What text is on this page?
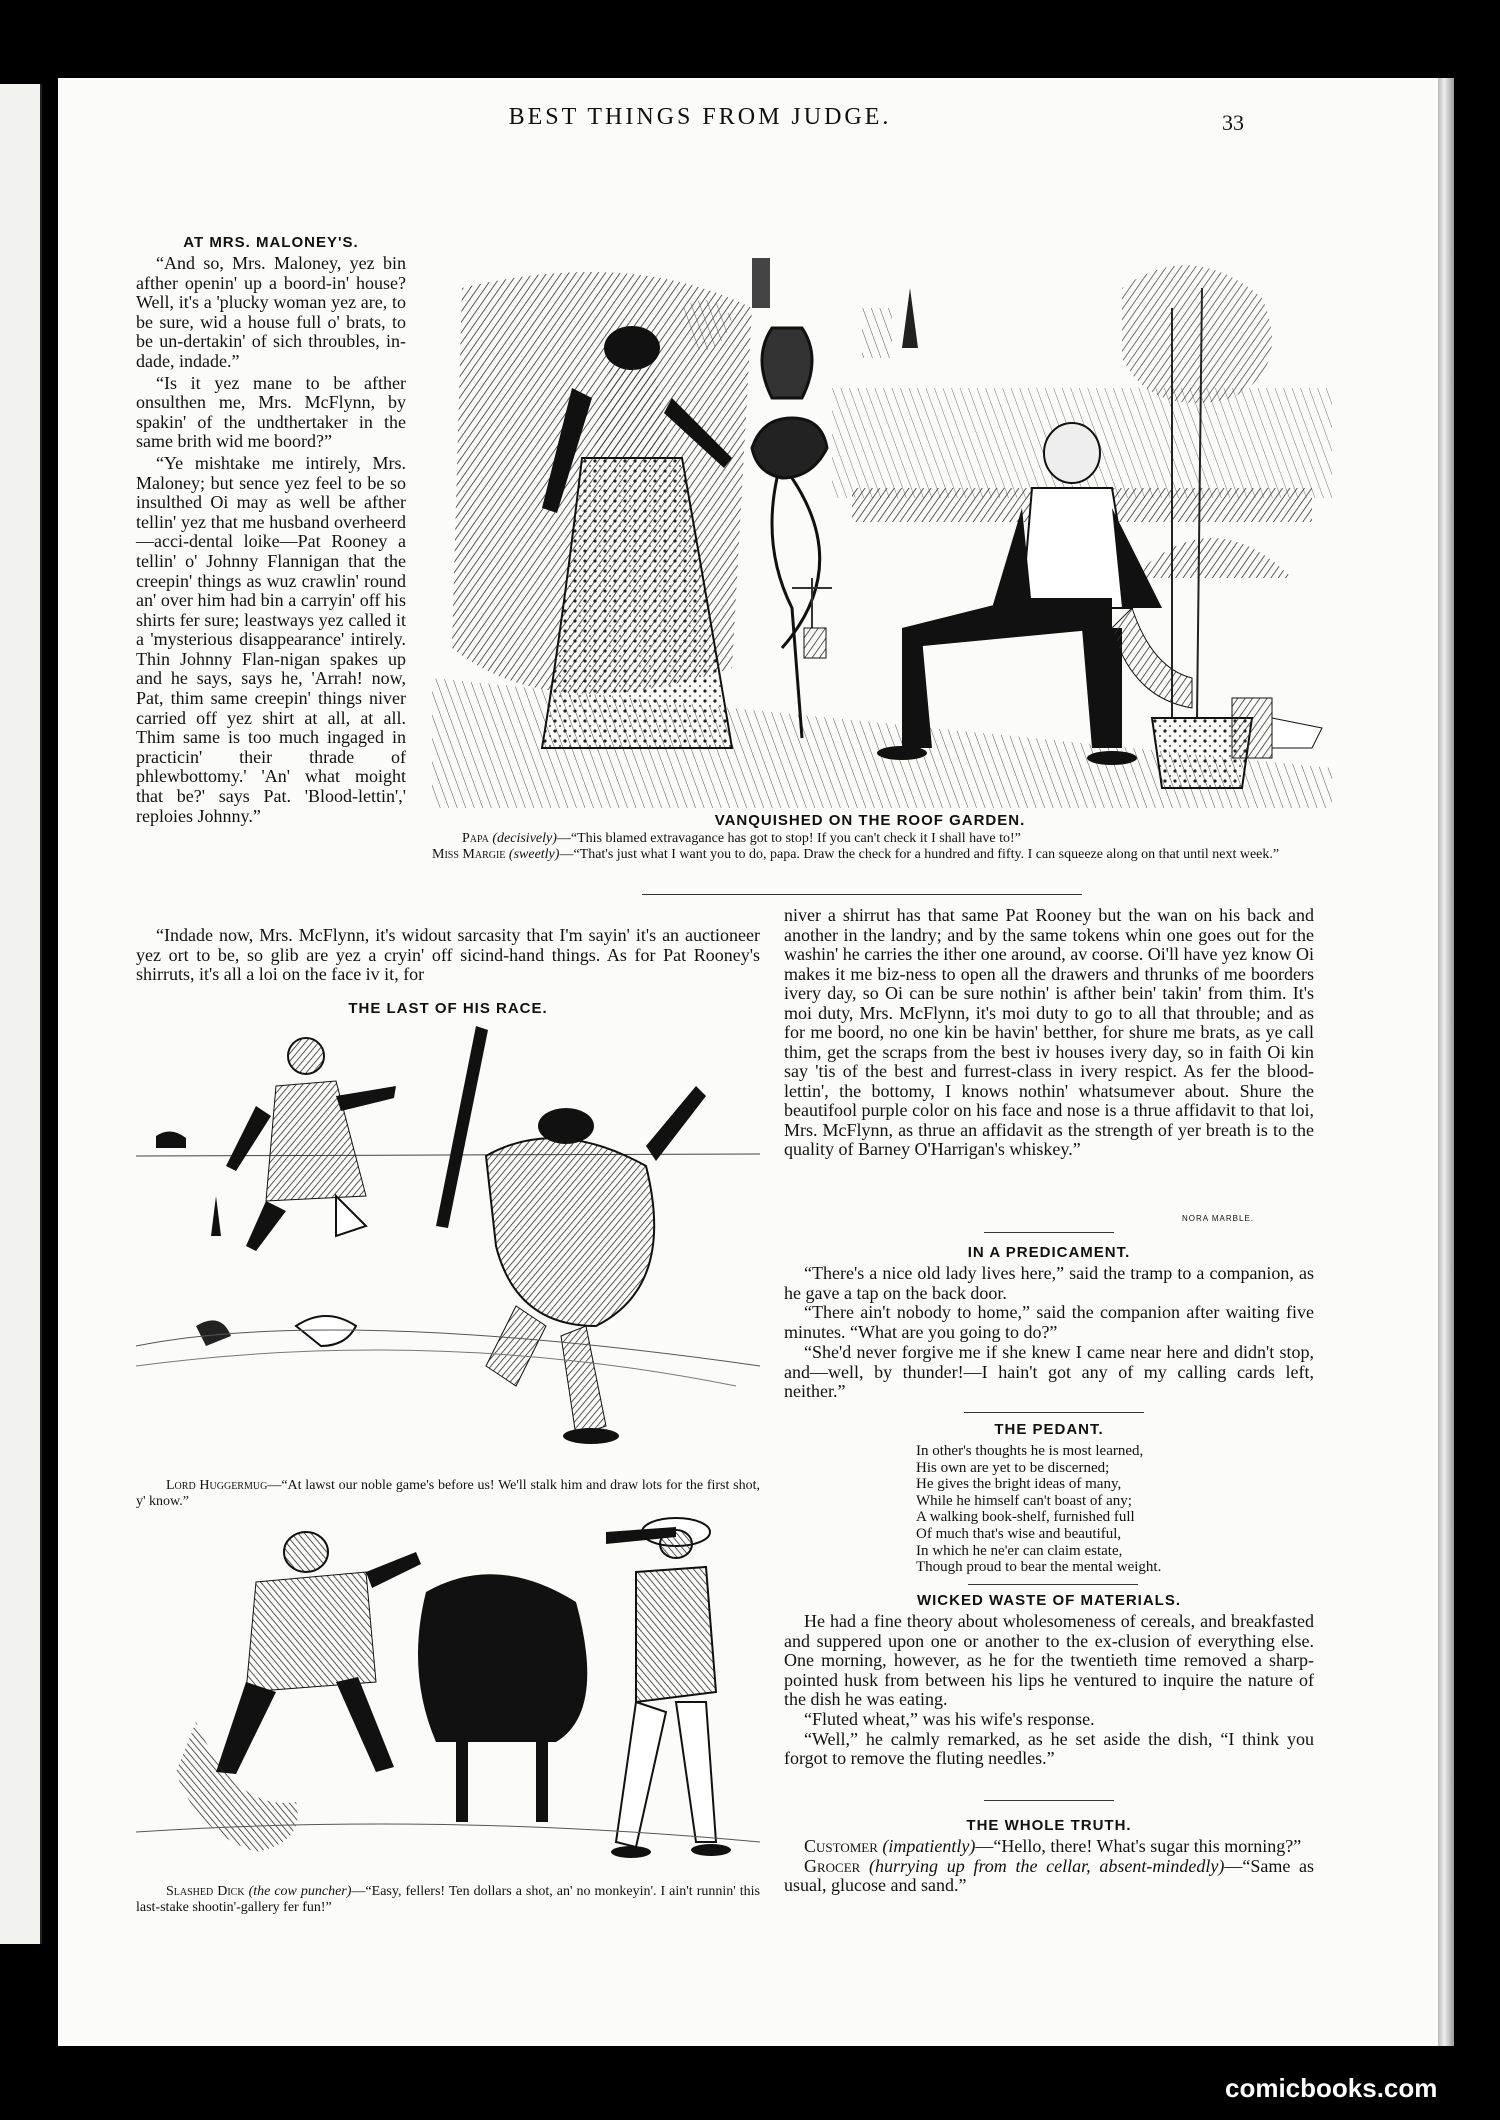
BEST THINGS FROM JUDGE.	33
VANQUISHED ON THE ROOF GARDEN.
Papa (decisively)—“This blamed extravagance has got to stop! If you can't check it I shall have to!”
Miss Margie (sweetly)—“That's just what I want you to do, papa. Draw the check for a hundred and fifty. I can squeeze along on that until next week.”
AT MRS. MALONEY'S.

“And so, Mrs. Maloney, yez bin afther openin' up a boord-in' house? Well, it's a 'plucky woman yez are, to be sure, wid a house full o' brats, to be un-dertakin' of sich throubles, in-dade, indade.”

“Is it yez mane to be afther onsulthen me, Mrs. McFlynn, by spakin' of the undthertaker in the same brith wid me boord?”

“Ye mishtake me intirely, Mrs. Maloney; but sence yez feel to be so insulthed Oi may as well be afther tellin' yez that me husband overheerd—acci-dental loike—Pat Rooney a tellin' o' Johnny Flannigan that the creepin' things as wuz crawlin' round an' over him had bin a carryin' off his shirts fer sure; leastways yez called it a 'mysterious disappearance' intirely. Thin Johnny Flan-nigan spakes up and he says, says he, 'Arrah! now, Pat, thim same creepin' things niver carried off yez shirt at all, at all. Thim same is too much ingaged in practicin' their thrade of phlewbottomy.' 'An' what moight that be?' says Pat. 'Blood-lettin',' reploies Johnny.”

“Indade now, Mrs. McFlynn, it's widout sarcasity that I'm sayin' it's an auctioneer yez ort to be, so glib are yez a cryin' off sicind-hand things. As for Pat Rooney's shirruts, it's all a loi on the face iv it, for

THE LAST OF HIS RACE.
Lord Huggermug—“At lawst our noble game's before us! We'll stalk him and draw lots for the first shot, y' know.”
Slashed Dick (the cow puncher)—“Easy, fellers! Ten dollars a shot, an' no monkeyin'. I ain't runnin' this last-stake shootin'-gallery fer fun!”

niver a shirrut has that same Pat Rooney but the wan on his back and another in the landry; and by the same tokens whin one goes out for the washin' he carries the ither one around, av coorse. Oi'll have yez know Oi makes it me biz-ness to open all the drawers and thrunks of me boorders ivery day, so Oi can be sure nothin' is afther bein' takin' from thim. It's moi duty, Mrs. McFlynn, it's moi duty to go to all that throuble; and as for me boord, no one kin be havin' betther, for shure me brats, as ye call thim, get the scraps from the best iv houses ivery day, so in faith Oi kin say 'tis of the best and furrest-class in ivery respict. As fer the blood-lettin', the bottomy, I knows nothin' whatsumever about. Shure the beautifool purple color on his face and nose is a thrue affidavit to that loi, Mrs. McFlynn, as thrue an affidavit as the strength of yer breath is to the quality of Barney O'Harrigan's whiskey.”

NORA MARBLE.
IN A PREDICAMENT.

“There's a nice old lady lives here,” said the tramp to a companion, as he gave a tap on the back door.

“There ain't nobody to home,” said the companion after waiting five minutes. “What are you going to do?”

“She'd never forgive me if she knew I came near here and didn't stop, and—well, by thunder!—I hain't got any of my calling cards left, neither.”

THE PEDANT.
In other's thoughts he is most learned,
His own are yet to be discerned;
He gives the bright ideas of many,
While he himself can't boast of any;
A walking book-shelf, furnished full
Of much that's wise and beautiful,
In which he ne'er can claim estate,
Though proud to bear the mental weight.
WICKED WASTE OF MATERIALS.

He had a fine theory about wholesomeness of cereals, and breakfasted and suppered upon one or another to the ex-clusion of everything else. One morning, however, as he for the twentieth time removed a sharp-pointed husk from between his lips he ventured to inquire the nature of the dish he was eating.

“Fluted wheat,” was his wife's response.

“Well,” he calmly remarked, as he set aside the dish, “I think you forgot to remove the fluting needles.”

THE WHOLE TRUTH.

Customer (impatiently)—“Hello, there! What's sugar this morning?”

Grocer (hurrying up from the cellar, absent-mindedly)—“Same as usual, glucose and sand.”

comicbooks.com
